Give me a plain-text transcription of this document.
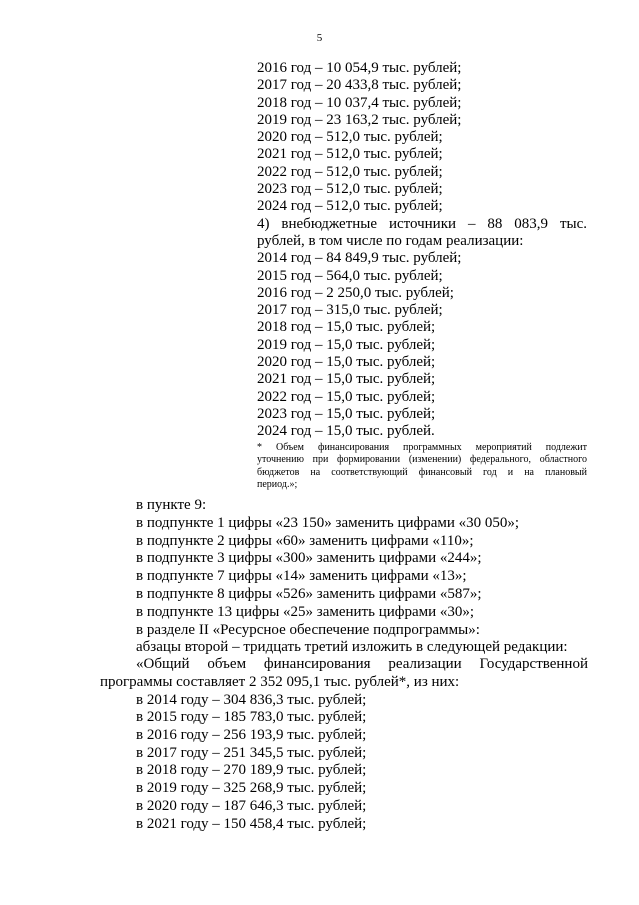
5
2016 год – 10 054,9 тыс. рублей;
2017 год – 20 433,8 тыс. рублей;
2018 год – 10 037,4 тыс. рублей;
2019 год – 23 163,2 тыс. рублей;
2020 год – 512,0 тыс. рублей;
2021 год – 512,0 тыс. рублей;
2022 год – 512,0 тыс. рублей;
2023 год – 512,0 тыс. рублей;
2024 год – 512,0 тыс. рублей;
4) внебюджетные источники – 88 083,9 тыс.
рублей, в том числе по годам реализации:
2014 год – 84 849,9 тыс. рублей;
2015 год – 564,0 тыс. рублей;
2016 год – 2 250,0 тыс. рублей;
2017 год – 315,0 тыс. рублей;
2018 год – 15,0 тыс. рублей;
2019 год – 15,0 тыс. рублей;
2020 год – 15,0 тыс. рублей;
2021 год – 15,0 тыс. рублей;
2022 год – 15,0 тыс. рублей;
2023 год – 15,0 тыс. рублей;
2024 год – 15,0 тыс. рублей.
* Объем финансирования программных мероприятий подлежит
уточнению при формировании (изменении) федерального, областного
бюджетов на соответствующий финансовый год и на плановый
период.»;
в пункте 9:
в подпункте 1 цифры «23 150» заменить цифрами «30 050»;
в подпункте 2 цифры «60» заменить цифрами «110»;
в подпункте 3 цифры «300» заменить цифрами «244»;
в подпункте 7 цифры «14» заменить цифрами «13»;
в подпункте 8 цифры «526» заменить цифрами «587»;
в подпункте 13 цифры «25» заменить цифрами «30»;
в разделе II «Ресурсное обеспечение подпрограммы»:
абзацы второй – тридцать третий изложить в следующей редакции:
«Общий объем финансирования реализации Государственной
программы составляет 2 352 095,1 тыс. рублей*, из них:
в 2014 году – 304 836,3 тыс. рублей;
в 2015 году – 185 783,0 тыс. рублей;
в 2016 году – 256 193,9 тыс. рублей;
в 2017 году – 251 345,5 тыс. рублей;
в 2018 году – 270 189,9 тыс. рублей;
в 2019 году – 325 268,9 тыс. рублей;
в 2020 году – 187 646,3 тыс. рублей;
в 2021 году – 150 458,4 тыс. рублей;
